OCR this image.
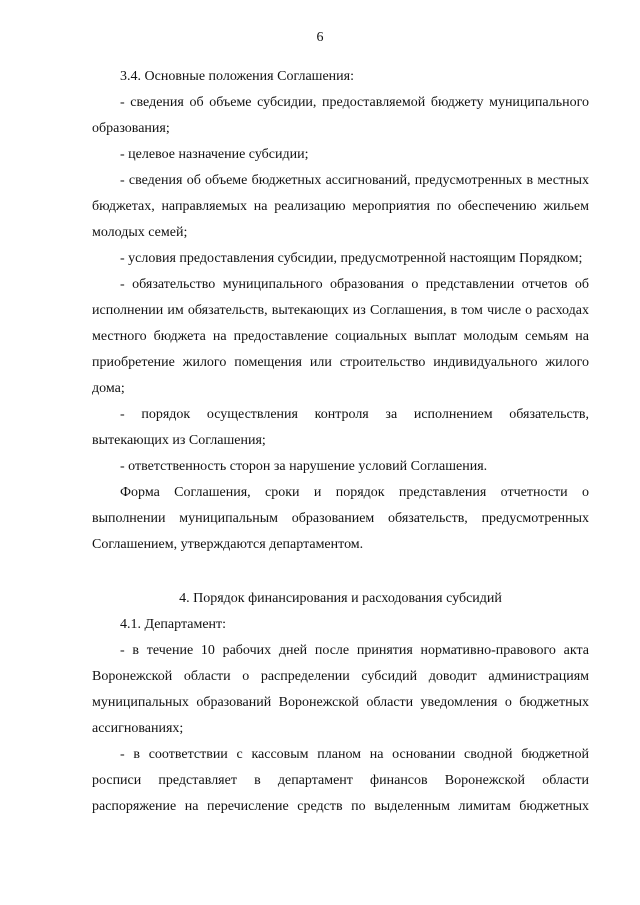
6

3.4. Основные положения Соглашения:

- сведения об объеме субсидии, предоставляемой бюджету муниципального образования;

- целевое назначение субсидии;

- сведения об объеме бюджетных ассигнований, предусмотренных в местных бюджетах, направляемых на реализацию мероприятия по обеспечению жильем молодых семей;

- условия предоставления субсидии, предусмотренной настоящим Порядком;

- обязательство муниципального образования о представлении отчетов об исполнении им обязательств, вытекающих из Соглашения, в том числе о расходах местного бюджета на предоставление социальных выплат молодым семьям на приобретение жилого помещения или строительство индивидуального жилого дома;

- порядок осуществления контроля за исполнением обязательств, вытекающих из Соглашения;

- ответственность сторон за нарушение условий Соглашения.

Форма Соглашения, сроки и порядок представления отчетности о выполнении муниципальным образованием обязательств, предусмотренных Соглашением, утверждаются департаментом.

4. Порядок финансирования и расходования субсидий

4.1. Департамент:

- в течение 10 рабочих дней после принятия нормативно-правового акта Воронежской области о распределении субсидий доводит администрациям муниципальных образований Воронежской области уведомления о бюджетных ассигнованиях;

- в соответствии с кассовым планом на основании сводной бюджетной росписи представляет в департамент финансов Воронежской области распоряжение на перечисление средств по выделенным лимитам бюджетных
